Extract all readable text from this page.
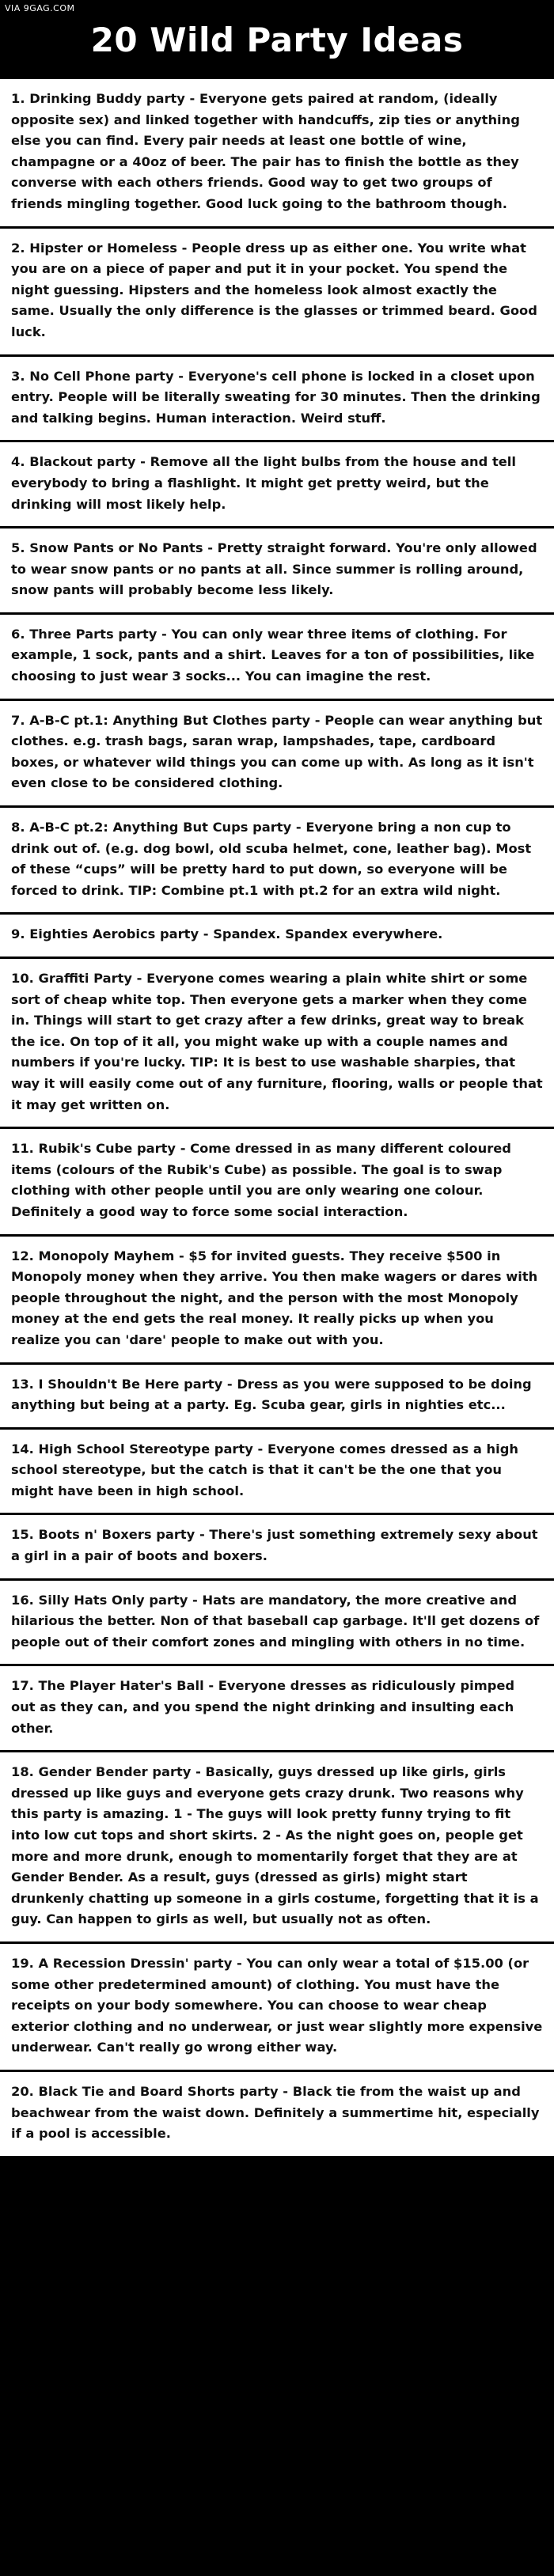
VIA 9GAG.COM
20 Wild Party Ideas
1. Drinking Buddy party - Everyone gets paired at random, (ideally opposite sex) and linked together with handcuffs, zip ties or anything else you can find. Every pair needs at least one bottle of wine, champagne or a 40oz of beer. The pair has to finish the bottle as they converse with each others friends. Good way to get two groups of friends mingling together. Good luck going to the bathroom though.
2. Hipster or Homeless - People dress up as either one. You write what you are on a piece of paper and put it in your pocket. You spend the night guessing. Hipsters and the homeless look almost exactly the same. Usually the only difference is the glasses or trimmed beard. Good luck.
3. No Cell Phone party - Everyone's cell phone is locked in a closet upon entry. People will be literally sweating for 30 minutes. Then the drinking and talking begins. Human interaction. Weird stuff.
4. Blackout party - Remove all the light bulbs from the house and tell everybody to bring a flashlight. It might get pretty weird, but the drinking will most likely help.
5. Snow Pants or No Pants - Pretty straight forward. You're only allowed to wear snow pants or no pants at all. Since summer is rolling around, snow pants will probably become less likely.
6. Three Parts party - You can only wear three items of clothing. For example, 1 sock, pants and a shirt. Leaves for a ton of possibilities, like choosing to just wear 3 socks... You can imagine the rest.
7. A-B-C pt.1: Anything But Clothes party - People can wear anything but clothes. e.g. trash bags, saran wrap, lampshades, tape, cardboard boxes, or whatever wild things you can come up with. As long as it isn't even close to be considered clothing.
8. A-B-C pt.2: Anything But Cups party - Everyone bring a non cup to drink out of. (e.g. dog bowl, old scuba helmet, cone, leather bag). Most of these “cups” will be pretty hard to put down, so everyone will be forced to drink. TIP: Combine pt.1 with pt.2 for an extra wild night.
9. Eighties Aerobics party - Spandex. Spandex everywhere.
10. Graffiti Party - Everyone comes wearing a plain white shirt or some sort of cheap white top. Then everyone gets a marker when they come in. Things will start to get crazy after a few drinks, great way to break the ice. On top of it all, you might wake up with a couple names and numbers if you're lucky. TIP: It is best to use washable sharpies, that way it will easily come out of any furniture, flooring, walls or people that it may get written on.
11. Rubik's Cube party - Come dressed in as many different coloured items (colours of the Rubik's Cube) as possible. The goal is to swap clothing with other people until you are only wearing one colour. Definitely a good way to force some social interaction.
12. Monopoly Mayhem - $5 for invited guests. They receive $500 in Monopoly money when they arrive. You then make wagers or dares with people throughout the night, and the person with the most Monopoly money at the end gets the real money. It really picks up when you realize you can 'dare' people to make out with you.
13. I Shouldn't Be Here party - Dress as you were supposed to be doing anything but being at a party. Eg. Scuba gear, girls in nighties etc...
14. High School Stereotype party - Everyone comes dressed as a high school stereotype, but the catch is that it can't be the one that you might have been in high school.
15. Boots n' Boxers party - There's just something extremely sexy about a girl in a pair of boots and boxers.
16. Silly Hats Only party - Hats are mandatory, the more creative and hilarious the better. Non of that baseball cap garbage. It'll get dozens of people out of their comfort zones and mingling with others in no time.
17. The Player Hater's Ball - Everyone dresses as ridiculously pimped out as they can, and you spend the night drinking and insulting each other.
18. Gender Bender party - Basically, guys dressed up like girls, girls dressed up like guys and everyone gets crazy drunk. Two reasons why this party is amazing. 1 - The guys will look pretty funny trying to fit into low cut tops and short skirts. 2 - As the night goes on, people get more and more drunk, enough to momentarily forget that they are at Gender Bender. As a result, guys (dressed as girls) might start drunkenly chatting up someone in a girls costume, forgetting that it is a guy. Can happen to girls as well, but usually not as often.
19. A Recession Dressin' party - You can only wear a total of $15.00 (or some other predetermined amount) of clothing. You must have the receipts on your body somewhere. You can choose to wear cheap exterior clothing and no underwear, or just wear slightly more expensive underwear. Can't really go wrong either way.
20. Black Tie and Board Shorts party - Black tie from the waist up and beachwear from the waist down. Definitely a summertime hit, especially if a pool is accessible.
